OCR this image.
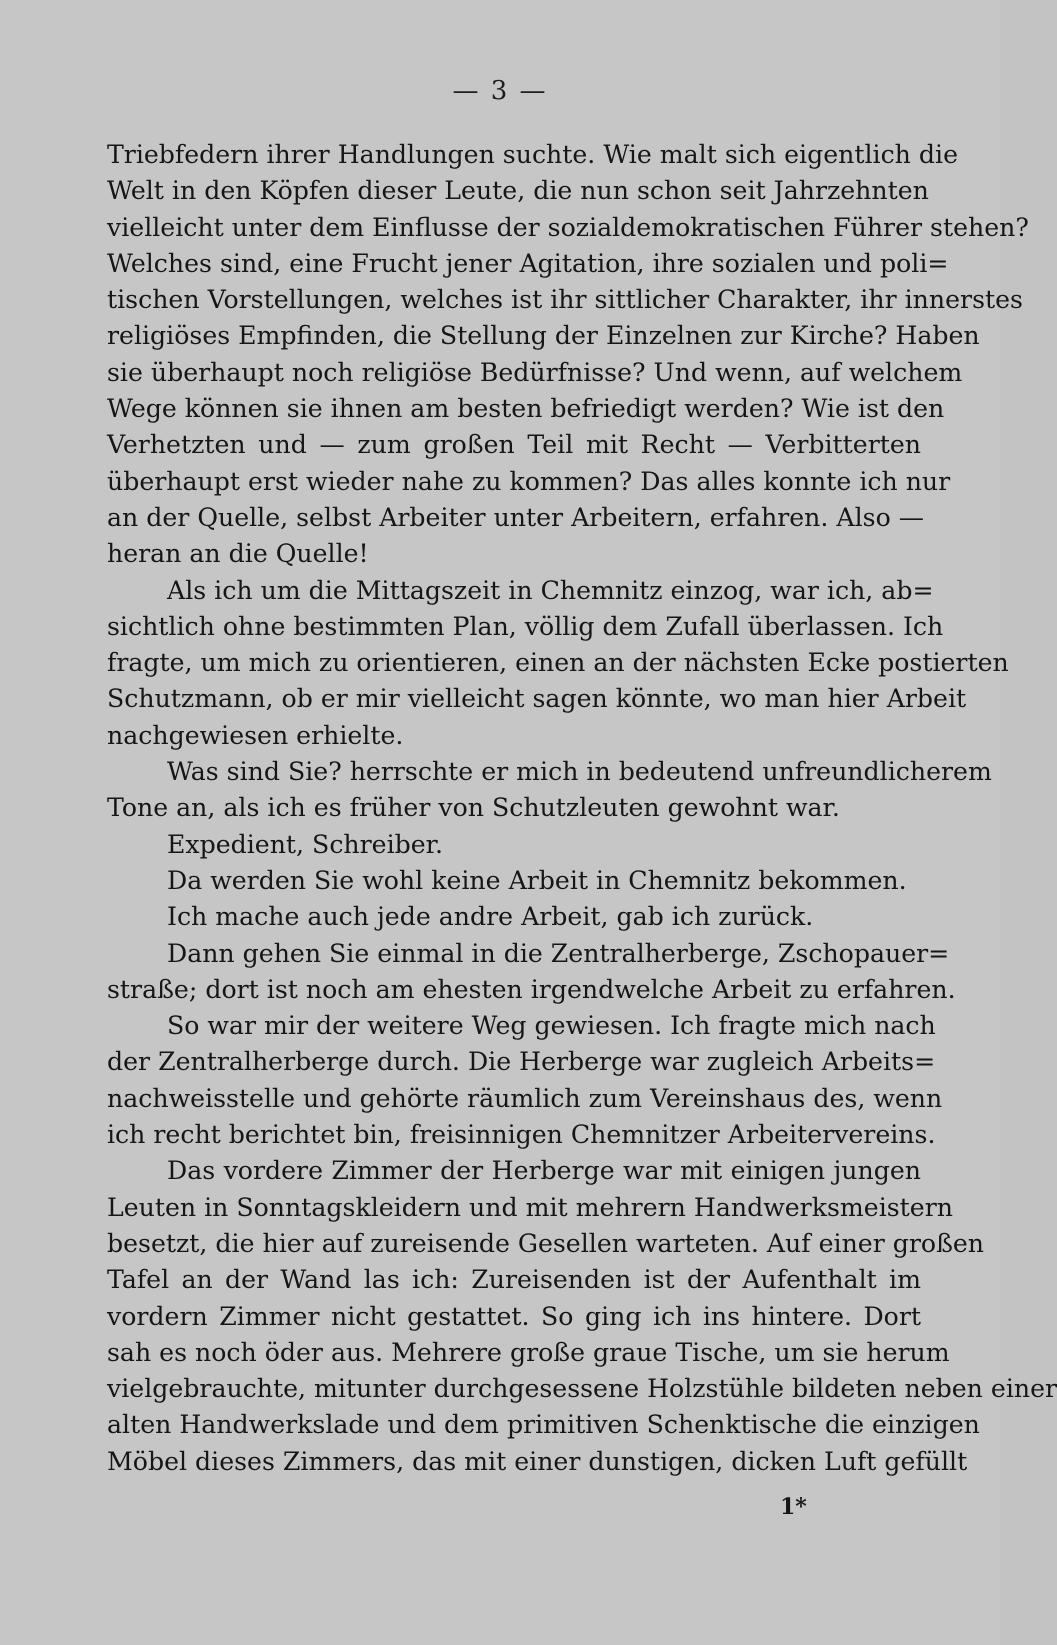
— 3 —
Triebfedern ihrer Handlungen suchte. Wie malt sich eigentlich die
Welt in den Köpfen dieser Leute, die nun schon seit Jahrzehnten
vielleicht unter dem Einflusse der sozialdemokratischen Führer stehen?
Welches sind, eine Frucht jener Agitation, ihre sozialen und poli=
tischen Vorstellungen, welches ist ihr sittlicher Charakter, ihr innerstes
religiöses Empfinden, die Stellung der Einzelnen zur Kirche? Haben
sie überhaupt noch religiöse Bedürfnisse? Und wenn, auf welchem
Wege können sie ihnen am besten befriedigt werden? Wie ist den
Verhetzten und — zum großen Teil mit Recht — Verbitterten
überhaupt erst wieder nahe zu kommen? Das alles konnte ich nur
an der Quelle, selbst Arbeiter unter Arbeitern, erfahren. Also —
heran an die Quelle!
Als ich um die Mittagszeit in Chemnitz einzog, war ich, ab=
sichtlich ohne bestimmten Plan, völlig dem Zufall überlassen. Ich
fragte, um mich zu orientieren, einen an der nächsten Ecke postierten
Schutzmann, ob er mir vielleicht sagen könnte, wo man hier Arbeit
nachgewiesen erhielte.
Was sind Sie? herrschte er mich in bedeutend unfreundlicherem
Tone an, als ich es früher von Schutzleuten gewohnt war.
Expedient, Schreiber.
Da werden Sie wohl keine Arbeit in Chemnitz bekommen.
Ich mache auch jede andre Arbeit, gab ich zurück.
Dann gehen Sie einmal in die Zentralherberge, Zschopauer=
straße; dort ist noch am ehesten irgendwelche Arbeit zu erfahren.
So war mir der weitere Weg gewiesen. Ich fragte mich nach
der Zentralherberge durch. Die Herberge war zugleich Arbeits=
nachweisstelle und gehörte räumlich zum Vereinshaus des, wenn
ich recht berichtet bin, freisinnigen Chemnitzer Arbeitervereins.
Das vordere Zimmer der Herberge war mit einigen jungen
Leuten in Sonntagskleidern und mit mehrern Handwerksmeistern
besetzt, die hier auf zureisende Gesellen warteten. Auf einer großen
Tafel an der Wand las ich: Zureisenden ist der Aufenthalt im
vordern Zimmer nicht gestattet. So ging ich ins hintere. Dort
sah es noch öder aus. Mehrere große graue Tische, um sie herum
vielgebrauchte, mitunter durchgesessene Holzstühle bildeten neben einer
alten Handwerkslade und dem primitiven Schenktische die einzigen
Möbel dieses Zimmers, das mit einer dunstigen, dicken Luft gefüllt
1*
